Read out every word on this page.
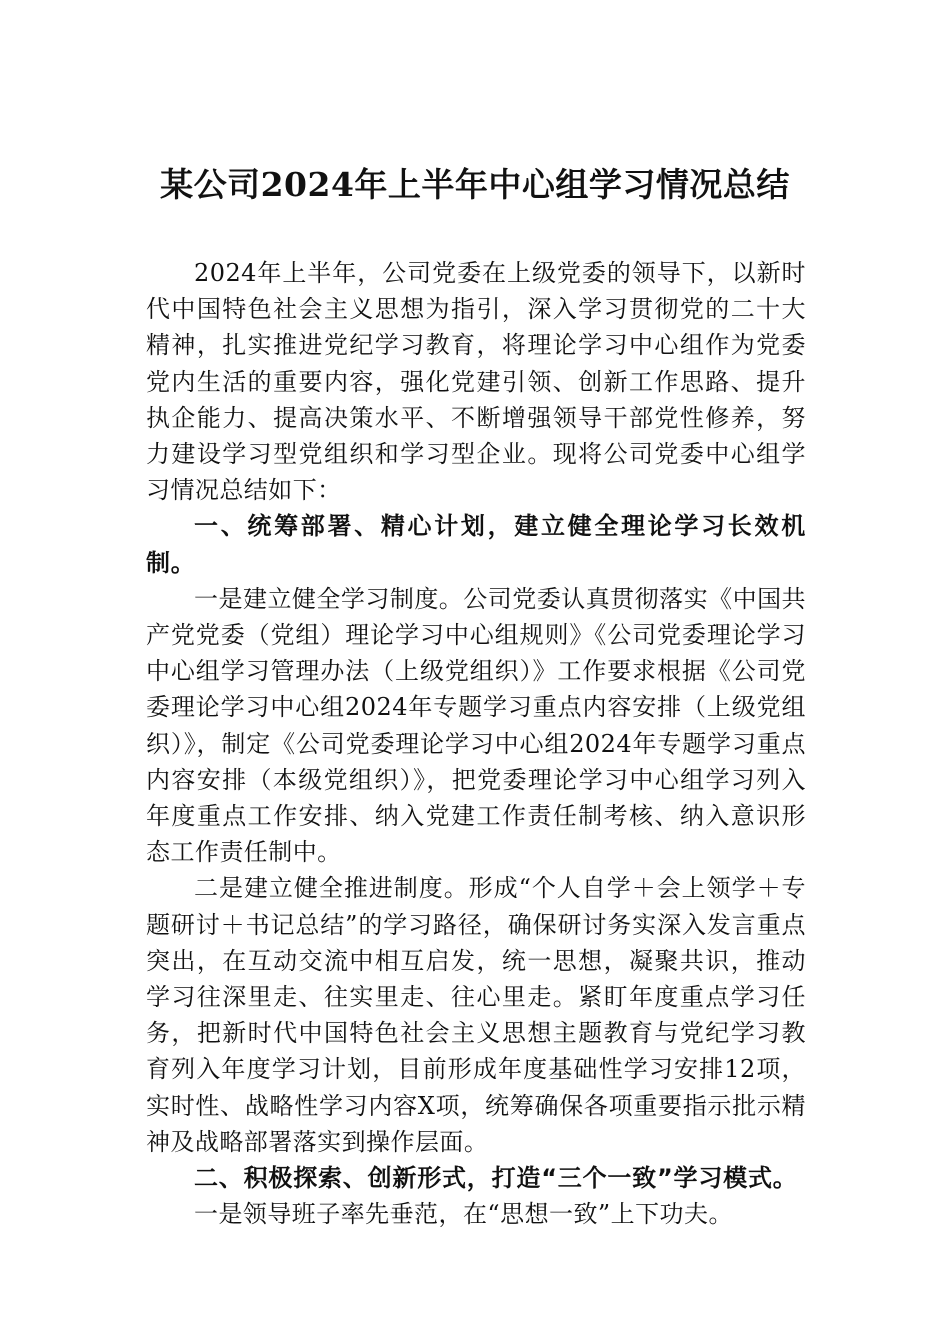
某公司2024年上半年中心组学习情况总结

2024年上半年，公司党委在上级党委的领导下，以新时代中国特色社会主义思想为指引，深入学习贯彻党的二十大精神，扎实推进党纪学习教育，将理论学习中心组作为党委党内生活的重要内容，强化党建引领、创新工作思路、提升执企能力、提高决策水平、不断增强领导干部党性修养，努力建设学习型党组织和学习型企业。现将公司党委中心组学习情况总结如下：

一、统筹部署、精心计划，建立健全理论学习长效机制。

一是建立健全学习制度。公司党委认真贯彻落实《中国共产党党委（党组）理论学习中心组规则》《公司党委理论学习中心组学习管理办法（上级党组织）》工作要求根据《公司党委理论学习中心组2024年专题学习重点内容安排（上级党组织）》，制定《公司党委理论学习中心组2024年专题学习重点内容安排（本级党组织）》，把党委理论学习中心组学习列入年度重点工作安排、纳入党建工作责任制考核、纳入意识形态工作责任制中。

二是建立健全推进制度。形成“个人自学＋会上领学＋专题研讨＋书记总结”的学习路径，确保研讨务实深入发言重点突出，在互动交流中相互启发，统一思想，凝聚共识，推动学习往深里走、往实里走、往心里走。紧盯年度重点学习任务，把新时代中国特色社会主义思想主题教育与党纪学习教育列入年度学习计划，目前形成年度基础性学习安排12项，实时性、战略性学习内容X项，统筹确保各项重要指示批示精神及战略部署落实到操作层面。

二、积极探索、创新形式，打造“三个一致”学习模式。

一是领导班子率先垂范，在“思想一致”上下功夫。
